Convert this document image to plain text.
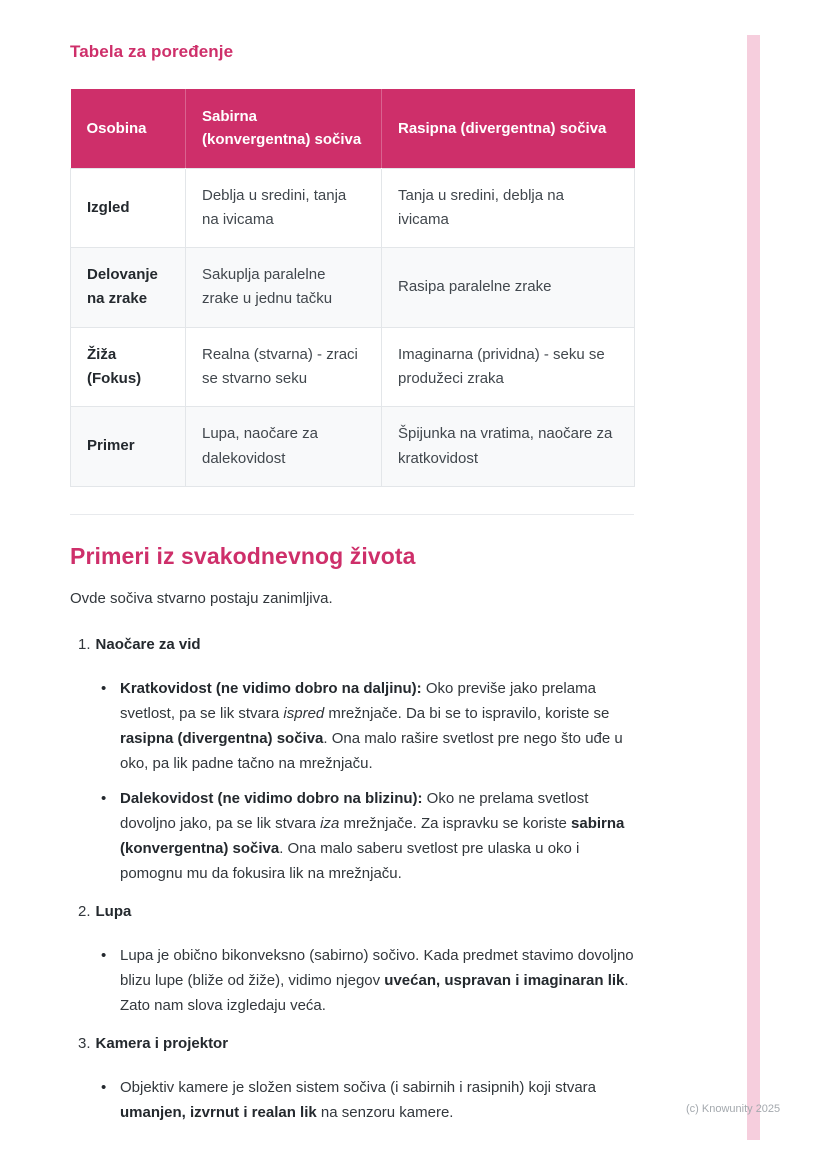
Tabela za poređenje
Osobina	Sabirna (konvergentna) sočiva	Rasipna (divergentna) sočiva
Izgled	Deblja u sredini, tanja na ivicama	Tanja u sredini, deblja na ivicama
Delovanje na zrake	Sakuplja paralelne zrake u jednu tačku	Rasipa paralelne zrake
Žiža (Fokus)	Realna (stvarna) - zraci se stvarno seku	Imaginarna (prividna) - seku se produžeci zraka
Primer	Lupa, naočare za dalekovidost	Špijunka na vratima, naočare za kratkovidost
Primeri iz svakodnevnog života

Ovde sočiva stvarno postaju zanimljiva.

1. Naočare za vid
• Kratkovidost (ne vidimo dobro na daljinu): Oko previše jako prelama svetlost, pa se lik stvara ispred mrežnjače. Da bi se to ispravilo, koriste se rasipna (divergentna) sočiva. Ona malo rašire svetlost pre nego što uđe u oko, pa lik padne tačno na mrežnjaču.
• Dalekovidost (ne vidimo dobro na blizinu): Oko ne prelama svetlost dovoljno jako, pa se lik stvara iza mrežnjače. Za ispravku se koriste sabirna (konvergentna) sočiva. Ona malo saberu svetlost pre ulaska u oko i pomognu mu da fokusira lik na mrežnjaču.
2. Lupa
• Lupa je obično bikonveksno (sabirno) sočivo. Kada predmet stavimo dovoljno blizu lupe (bliže od žiže), vidimo njegov uvećan, uspravan i imaginaran lik. Zato nam slova izgledaju veća.
3. Kamera i projektor
• Objektiv kamere je složen sistem sočiva (i sabirnih i rasipnih) koji stvara umanjen, izvrnut i realan lik na senzoru kamere.	(c) Knowunity 2025
